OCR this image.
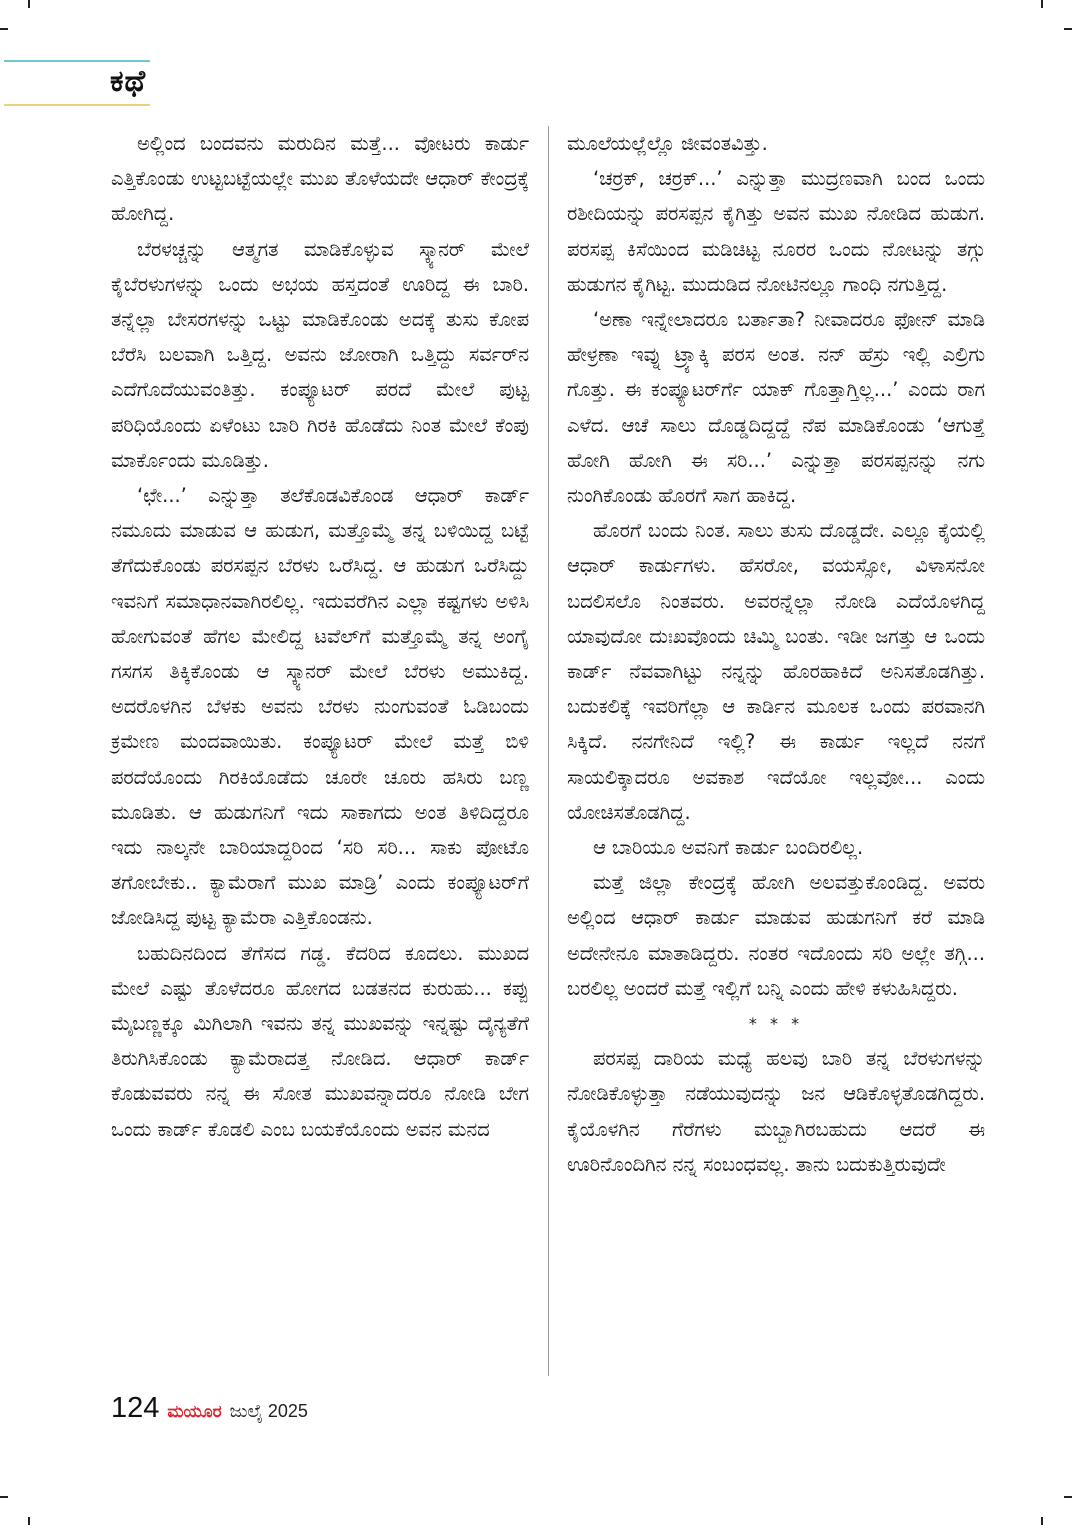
ಕಥೆ

ಅಲ್ಲಿಂದ ಬಂದವನು ಮರುದಿನ ಮತ್ತೆ... ವೋಟರು ಕಾರ್ಡು ಎತ್ತಿಕೊಂಡು ಉಟ್ಟಬಟ್ಟೆಯಲ್ಲೇ ಮುಖ ತೊಳೆಯದೇ ಆಧಾರ್ ಕೇಂದ್ರಕ್ಕೆ ಹೋಗಿದ್ದ.

ಬೆರಳಚ್ಚನ್ನು ಆತ್ಮಗತ ಮಾಡಿಕೊಳ್ಳುವ ಸ್ಕ್ಯಾನರ್ ಮೇಲೆ ಕೈಬೆರಳುಗಳನ್ನು ಒಂದು ಅಭಯ ಹಸ್ತದಂತೆ ಊರಿದ್ದ ಈ ಬಾರಿ. ತನ್ನೆಲ್ಲಾ ಬೇಸರಗಳನ್ನು ಒಟ್ಟು ಮಾಡಿಕೊಂಡು ಅದಕ್ಕೆ ತುಸು ಕೋಪ ಬೆರೆಸಿ ಬಲವಾಗಿ ಒತ್ತಿದ್ದ. ಅವನು ಜೋರಾಗಿ ಒತ್ತಿದ್ದು ಸರ್ವರ್‌ನ ಎದೆಗೊದೆಯುವಂತಿತ್ತು. ಕಂಪ್ಯೂಟರ್ ಪರದೆ ಮೇಲೆ ಪುಟ್ಟ ಪರಿಧಿಯೊಂದು ಏಳೆಂಟು ಬಾರಿ ಗಿರಕಿ ಹೊಡೆದು ನಿಂತ ಮೇಲೆ ಕೆಂಪು ಮಾರ್ಕೊಂದು ಮೂಡಿತ್ತು.

‘ಛೇ...’ ಎನ್ನುತ್ತಾ ತಲೆಕೊಡವಿಕೊಂಡ ಆಧಾರ್ ಕಾರ್ಡ್ ನಮೂದು ಮಾಡುವ ಆ ಹುಡುಗ, ಮತ್ತೊಮ್ಮೆ ತನ್ನ ಬಳಿಯಿದ್ದ ಬಟ್ಟೆ ತೆಗೆದುಕೊಂಡು ಪರಸಪ್ಪನ ಬೆರಳು ಒರೆಸಿದ್ದ. ಆ ಹುಡುಗ ಒರೆಸಿದ್ದು ಇವನಿಗೆ ಸಮಾಧಾನವಾಗಿರಲಿಲ್ಲ. ಇದುವರೆಗಿನ ಎಲ್ಲಾ ಕಷ್ಟಗಳು ಅಳಿಸಿ ಹೋಗುವಂತೆ ಹೆಗಲ ಮೇಲಿದ್ದ ಟವೆಲ್‌ಗೆ ಮತ್ತೊಮ್ಮೆ ತನ್ನ ಅಂಗೈ ಗಸಗಸ ತಿಕ್ಕಿಕೊಂಡು ಆ ಸ್ಕ್ಯಾನರ್ ಮೇಲೆ ಬೆರಳು ಅಮುಕಿದ್ದ. ಅದರೊಳಗಿನ ಬೆಳಕು ಅವನು ಬೆರಳು ನುಂಗುವಂತೆ ಓಡಿಬಂದು ಕ್ರಮೇಣ ಮಂದವಾಯಿತು. ಕಂಪ್ಯೂಟರ್ ಮೇಲೆ ಮತ್ತೆ ಬಿಳಿ ಪರದೆಯೊಂದು ಗಿರಕಿಯೊಡೆದು ಚೂರೇ ಚೂರು ಹಸಿರು ಬಣ್ಣ ಮೂಡಿತು. ಆ ಹುಡುಗನಿಗೆ ಇದು ಸಾಕಾಗದು ಅಂತ ತಿಳಿದಿದ್ದರೂ ಇದು ನಾಲ್ಕನೇ ಬಾರಿಯಾದ್ದರಿಂದ ‘ಸರಿ ಸರಿ... ಸಾಕು ಪೋಟೊ ತಗೋಬೇಕು.. ಕ್ಯಾಮೆರಾಗೆ ಮುಖ ಮಾಡ್ರಿ’ ಎಂದು ಕಂಪ್ಯೂಟರ್‌ಗೆ ಜೋಡಿಸಿದ್ದ ಪುಟ್ಟ ಕ್ಯಾಮೆರಾ ಎತ್ತಿಕೊಂಡನು.

ಬಹುದಿನದಿಂದ ತೆಗೆಸದ ಗಡ್ಡ. ಕೆದರಿದ ಕೂದಲು. ಮುಖದ ಮೇಲೆ ಎಷ್ಟು ತೊಳೆದರೂ ಹೋಗದ ಬಡತನದ ಕುರುಹು... ಕಪ್ಪು ಮೈಬಣ್ಣಕ್ಕೂ ಮಿಗಿಲಾಗಿ ಇವನು ತನ್ನ ಮುಖವನ್ನು ಇನ್ನಷ್ಟು ದೈನ್ಯತೆಗೆ ತಿರುಗಿಸಿಕೊಂಡು ಕ್ಯಾಮೆರಾದತ್ತ ನೋಡಿದ. ಆಧಾರ್ ಕಾರ್ಡ್ ಕೊಡುವವರು ನನ್ನ ಈ ಸೋತ ಮುಖವನ್ನಾದರೂ ನೋಡಿ ಬೇಗ ಒಂದು ಕಾರ್ಡ್ ಕೊಡಲಿ ಎಂಬ ಬಯಕೆಯೊಂದು ಅವನ ಮನದ

ಮೂಲೆಯಲ್ಲೆಲ್ಲೊ ಜೀವಂತವಿತ್ತು.

‘ಚರ್ರಕ್, ಚರ್ರಕ್...’ ಎನ್ನುತ್ತಾ ಮುದ್ರಣವಾಗಿ ಬಂದ ಒಂದು ರಶೀದಿಯನ್ನು ಪರಸಪ್ಪನ ಕೈಗಿತ್ತು ಅವನ ಮುಖ ನೋಡಿದ ಹುಡುಗ. ಪರಸಪ್ಪ ಕಿಸೆಯಿಂದ ಮಡಿಚಿಟ್ಟ ನೂರರ ಒಂದು ನೋಟನ್ನು ತಗ್ಗು ಹುಡುಗನ ಕೈಗಿಟ್ಟ. ಮುದುಡಿದ ನೋಟಿನಲ್ಲೂ ಗಾಂಧಿ ನಗುತ್ತಿದ್ದ.

‘ಅಣಾ ಇನ್ನೇಲಾದರೂ ಬರ್ತಾತಾ? ನೀವಾದರೂ ಫೋನ್ ಮಾಡಿ ಹೇಳ್ರಣಾ ಇವ್ನು ಟ್ರ್ಯಾಕ್ಕಿ ಪರಸ ಅಂತ. ನನ್ ಹೆಸ್ರು ಇಲ್ಲಿ ಎಲ್ರಿಗು ಗೊತ್ತು. ಈ ಕಂಪ್ಯೂಟರ್‌ರ್ಗೆ ಯಾಕ್ ಗೊತ್ತಾಗ್ತಿಲ್ಲ...’ ಎಂದು ರಾಗ ಎಳೆದ. ಆಚೆ ಸಾಲು ದೊಡ್ಡದಿದ್ದದ್ದೆ ನೆಪ ಮಾಡಿಕೊಂಡು ‘ಆಗುತ್ತೆ ಹೋಗಿ ಹೋಗಿ ಈ ಸರಿ...’ ಎನ್ನುತ್ತಾ ಪರಸಪ್ಪನನ್ನು ನಗು ನುಂಗಿಕೊಂಡು ಹೊರಗೆ ಸಾಗ ಹಾಕಿದ್ದ.

ಹೊರಗೆ ಬಂದು ನಿಂತ. ಸಾಲು ತುಸು ದೊಡ್ಡದೇ. ಎಲ್ಲೂ ಕೈಯಲ್ಲಿ ಆಧಾರ್ ಕಾರ್ಡುಗಳು. ಹೆಸರೋ, ವಯಸ್ಸೋ, ವಿಳಾಸನೋ ಬದಲಿಸಲೊ ನಿಂತವರು. ಅವರನ್ನೆಲ್ಲಾ ನೋಡಿ ಎದೆಯೊಳಗಿದ್ದ ಯಾವುದೋ ದುಃಖವೊಂದು ಚಿಮ್ಮಿ ಬಂತು. ಇಡೀ ಜಗತ್ತು ಆ ಒಂದು ಕಾರ್ಡ್ ನೆವವಾಗಿಟ್ಟು ನನ್ನನ್ನು ಹೊರಹಾಕಿದೆ ಅನಿಸತೊಡಗಿತ್ತು. ಬದುಕಲಿಕ್ಕೆ ಇವರಿಗೆಲ್ಲಾ ಆ ಕಾರ್ಡಿನ ಮೂಲಕ ಒಂದು ಪರವಾನಗಿ ಸಿಕ್ಕಿದೆ. ನನಗೇನಿದೆ ಇಲ್ಲಿ? ಈ ಕಾರ್ಡು ಇಲ್ಲದೆ ನನಗೆ ಸಾಯಲಿಕ್ಕಾದರೂ ಅವಕಾಶ ಇದೆಯೋ ಇಲ್ಲವೋ... ಎಂದು ಯೋಚಿಸತೊಡಗಿದ್ದ.

ಆ ಬಾರಿಯೂ ಅವನಿಗೆ ಕಾರ್ಡು ಬಂದಿರಲಿಲ್ಲ.

ಮತ್ತೆ ಜಿಲ್ಲಾ ಕೇಂದ್ರಕ್ಕೆ ಹೋಗಿ ಅಲವತ್ತುಕೊಂಡಿದ್ದ. ಅವರು ಅಲ್ಲಿಂದ ಆಧಾರ್ ಕಾರ್ಡು ಮಾಡುವ ಹುಡುಗನಿಗೆ ಕರೆ ಮಾಡಿ ಅದೇನೇನೂ ಮಾತಾಡಿದ್ದರು. ನಂತರ ಇದೊಂದು ಸರಿ ಅಲ್ಲೇ ತಗ್ಗಿ... ಬರಲಿಲ್ಲ ಅಂದರೆ ಮತ್ತೆ ಇಲ್ಲಿಗೆ ಬನ್ನಿ ಎಂದು ಹೇಳಿ ಕಳುಹಿಸಿದ್ದರು.

* * *

ಪರಸಪ್ಪ ದಾರಿಯ ಮಧ್ಯೆ ಹಲವು ಬಾರಿ ತನ್ನ ಬೆರಳುಗಳನ್ನು ನೋಡಿಕೊಳ್ಳುತ್ತಾ ನಡೆಯುವುದನ್ನು ಜನ ಆಡಿಕೊಳ್ಳತೊಡಗಿದ್ದರು. ಕೈಯೊಳಗಿನ ಗೆರೆಗಳು ಮಬ್ಬಾಗಿರಬಹುದು ಆದರೆ ಈ ಊರಿನೊಂದಿಗಿನ ನನ್ನ ಸಂಬಂಧವಲ್ಲ. ತಾನು ಬದುಕುತ್ತಿರುವುದೇ

124 ಮಯೂರ ಜುಲೈ 2025
